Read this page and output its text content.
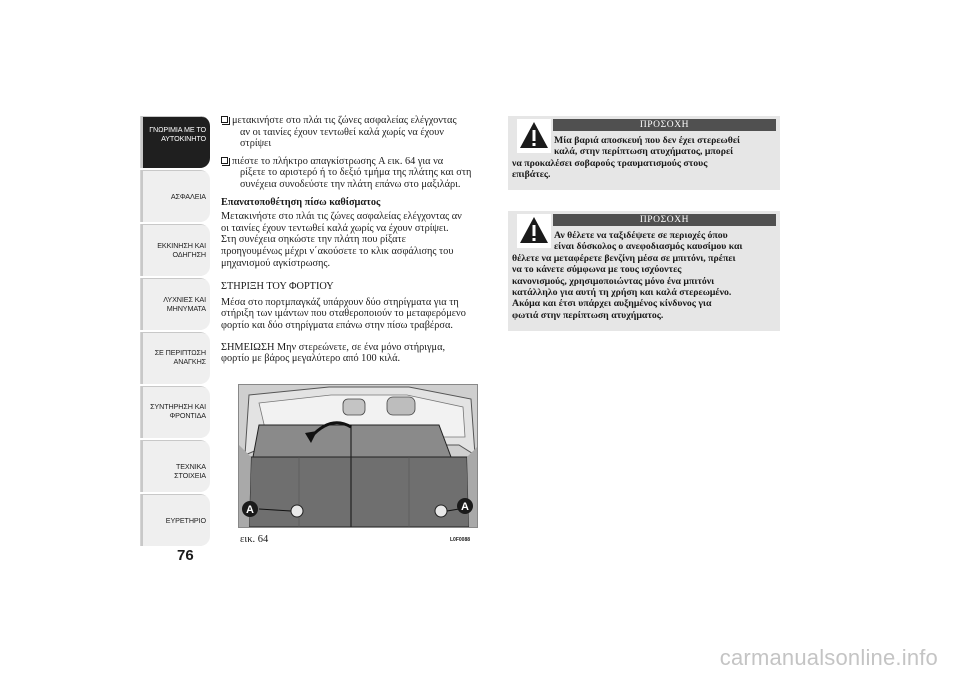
ΓΝΩΡΙΜΙΑ ΜΕ ΤΟ
ΑΥΤΟΚΙΝΗΤΟ
ΑΣΦΑΛΕΙΑ
ΕΚΚΙΝΗΣΗ ΚΑΙ
ΟΔΗΓΗΣΗ
ΛΥΧΝΙΕΣ ΚΑΙ
ΜΗΝΥΜΑΤΑ
ΣΕ ΠΕΡΙΠΤΩΣΗ
ΑΝΑΓΚΗΣ
ΣΥΝΤΗΡΗΣΗ ΚΑΙ
ΦΡΟΝΤΙΔΑ
ΤΕΧΝΙΚΑ ΣΤΟΙΧΕΙΑ
ΕΥΡΕΤΗΡΙΟ
76
μετακινήστε στο πλάι τις ζώνες ασφαλείας ελέγχοντας
αν οι ταινίες έχουν τεντωθεί καλά χωρίς να έχουν
στρίψει
πιέστε το πλήκτρο απαγκίστρωσης A εικ. 64 για να
ρίξετε το αριστερό ή το δεξιό τμήμα της πλάτης και στη
συνέχεια συνοδεύστε την πλάτη επάνω στο μαξιλάρι.
Επανατοποθέτηση πίσω καθίσματος
Μετακινήστε στο πλάι τις ζώνες ασφαλείας ελέγχοντας αν
οι ταινίες έχουν τεντωθεί καλά χωρίς να έχουν στρίψει.
Στη συνέχεια σηκώστε την πλάτη που ρίξατε
προηγουμένως μέχρι ν΄ακούσετε το κλικ ασφάλισης του
μηχανισμού αγκίστρωσης.
ΣΤΗΡΙΞΗ ΤΟΥ ΦΟΡΤΙΟΥ
Μέσα στο πορτμπαγκάζ υπάρχουν δύο στηρίγματα για τη
στήριξη των ιμάντων που σταθεροποιούν το μεταφερόμενο
φορτίο και δύο στηρίγματα επάνω στην πίσω τραβέρσα.
ΣΗΜΕΙΩΣΗ Μην στερεώνετε, σε ένα μόνο στήριγμα,
φορτίο με βάρος μεγαλύτερο από 100 κιλά.
A	A
εικ. 64	L0F0088
ΠΡΟΣΟΧΗ
Μία βαριά αποσκευή που δεν έχει στερεωθεί
καλά, στην περίπτωση ατυχήματος, μπορεί
να προκαλέσει σοβαρούς τραυματισμούς στους
επιβάτες.
ΠΡΟΣΟΧΗ
Αν θέλετε να ταξιδέψετε σε περιοχές όπου
είναι δύσκολος ο ανεφοδιασμός καυσίμου και
θέλετε να μεταφέρετε βενζίνη μέσα σε μπιτόνι, πρέπει
να το κάνετε σύμφωνα με τους ισχύοντες
κανονισμούς, χρησιμοποιώντας μόνο ένα μπιτόνι
κατάλληλο για αυτή τη χρήση και καλά στερεωμένο.
Ακόμα και έτσι υπάρχει αυξημένος κίνδυνος για
φωτιά στην περίπτωση ατυχήματος.
carmanualsonline.info
